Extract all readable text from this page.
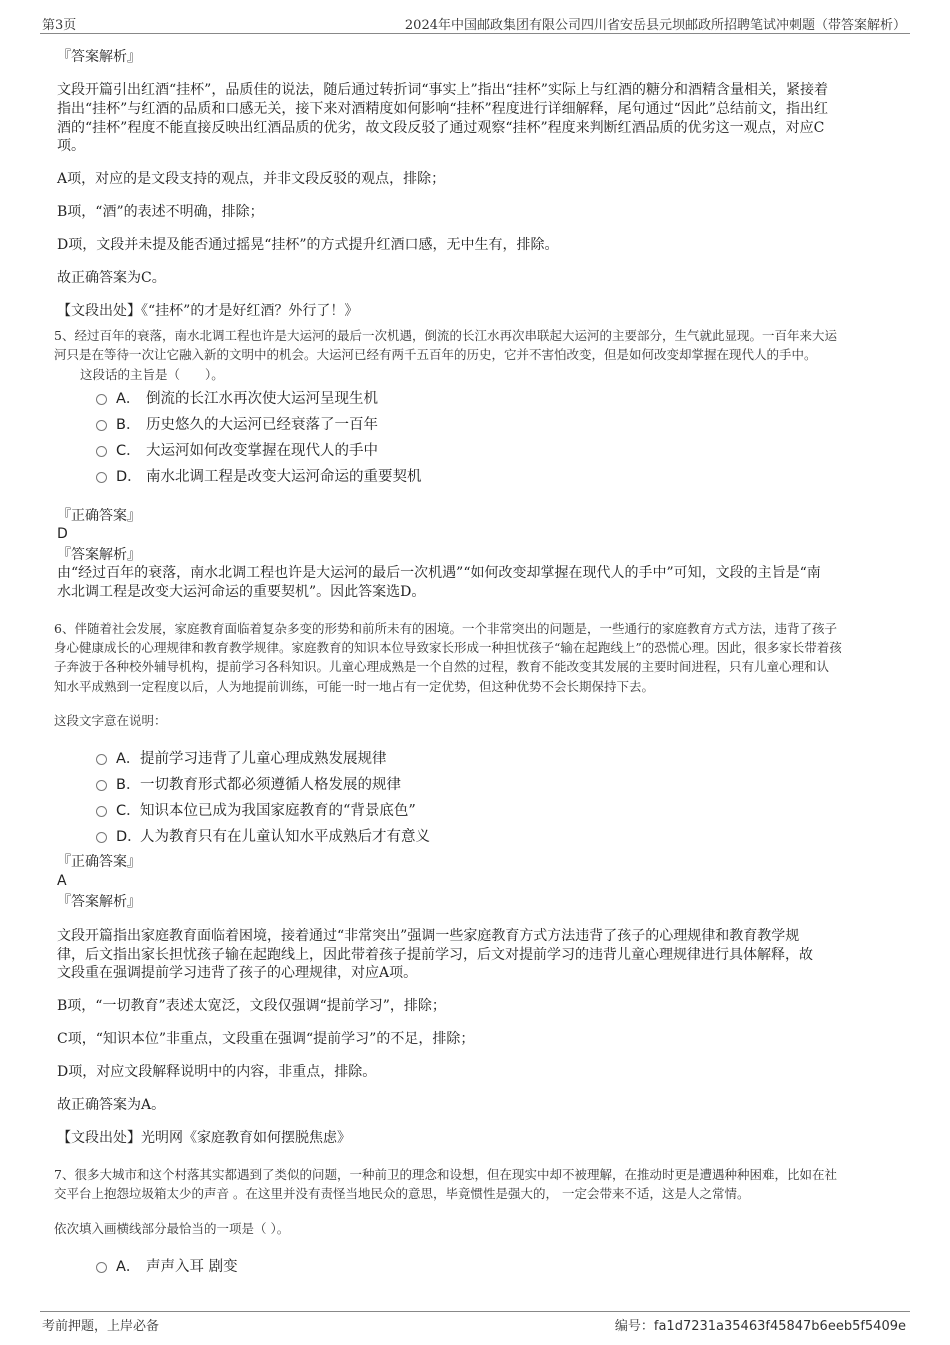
第3页	2024年中国邮政集团有限公司四川省安岳县元坝邮政所招聘笔试冲刺题（带答案解析）
『答案解析』
文段开篇引出红酒“挂杯”，品质佳的说法，随后通过转折词“事实上”指出“挂杯”实际上与红酒的糖分和酒精含量相关，紧接着
指出“挂杯”与红酒的品质和口感无关，接下来对酒精度如何影响“挂杯”程度进行详细解释，尾句通过“因此”总结前文，指出红
酒的“挂杯”程度不能直接反映出红酒品质的优劣，故文段反驳了通过观察“挂杯”程度来判断红酒品质的优劣这一观点，对应C
项。
A项，对应的是文段支持的观点，并非文段反驳的观点，排除；
B项，“酒”的表述不明确，排除；
D项，文段并未提及能否通过摇晃“挂杯”的方式提升红酒口感，无中生有，排除。
故正确答案为C。
【文段出处】《“挂杯”的才是好红酒？外行了！》
5、经过百年的衰落，南水北调工程也许是大运河的最后一次机遇，倒流的长江水再次串联起大运河的主要部分，生气就此显现。一百年来大运
河只是在等待一次让它融入新的文明中的机会。大运河已经有两千五百年的历史，它并不害怕改变，但是如何改变却掌握在现代人的手中。
这段话的主旨是（　　）。
A． 倒流的长江水再次使大运河呈现生机
B． 历史悠久的大运河已经衰落了一百年
C． 大运河如何改变掌握在现代人的手中
D． 南水北调工程是改变大运河命运的重要契机
『正确答案』
D
『答案解析』
由“经过百年的衰落，南水北调工程也许是大运河的最后一次机遇”“如何改变却掌握在现代人的手中”可知，文段的主旨是“南
水北调工程是改变大运河命运的重要契机”。因此答案选D。
6、伴随着社会发展，家庭教育面临着复杂多变的形势和前所未有的困境。一个非常突出的问题是，一些通行的家庭教育方式方法，违背了孩子
身心健康成长的心理规律和教育教学规律。家庭教育的知识本位导致家长形成一种担忧孩子“输在起跑线上”的恐慌心理。因此，很多家长带着孩
子奔波于各种校外辅导机构，提前学习各科知识。儿童心理成熟是一个自然的过程，教育不能改变其发展的主要时间进程，只有儿童心理和认
知水平成熟到一定程度以后，人为地提前训练，可能一时一地占有一定优势，但这种优势不会长期保持下去。
这段文字意在说明：
A． 提前学习违背了儿童心理成熟发展规律
B． 一切教育形式都必须遵循人格发展的规律
C． 知识本位已成为我国家庭教育的“背景底色”
D．
人为教育只有在儿童认知水平成熟后才有意义
『正确答案』
A
『答案解析』
文段开篇指出家庭教育面临着困境，接着通过“非常突出”强调一些家庭教育方式方法违背了孩子的心理规律和教育教学规
律，后文指出家长担忧孩子输在起跑线上，因此带着孩子提前学习，后文对提前学习的违背儿童心理规律进行具体解释，故
文段重在强调提前学习违背了孩子的心理规律，对应A项。
B项，“一切教育”表述太宽泛，文段仅强调“提前学习”，排除；
C项，“知识本位”非重点，文段重在强调“提前学习”的不足，排除；
D项，对应文段解释说明中的内容，非重点，排除。
故正确答案为A。
【文段出处】光明网《家庭教育如何摆脱焦虑》
7、很多大城市和这个村落其实都遇到了类似的问题，一种前卫的理念和设想，但在现实中却不被理解，在推动时更是遭遇种种困难，比如在社
交平台上抱怨垃圾箱太少的声音 。在这里并没有责怪当地民众的意思，毕竟惯性是强大的， 一定会带来不适，这是人之常情。
依次填入画横线部分最恰当的一项是（ ）。
A． 声声入耳 剧变
考前押题，上岸必备	编号：fa1d7231a35463f45847b6eeb5f5409e
